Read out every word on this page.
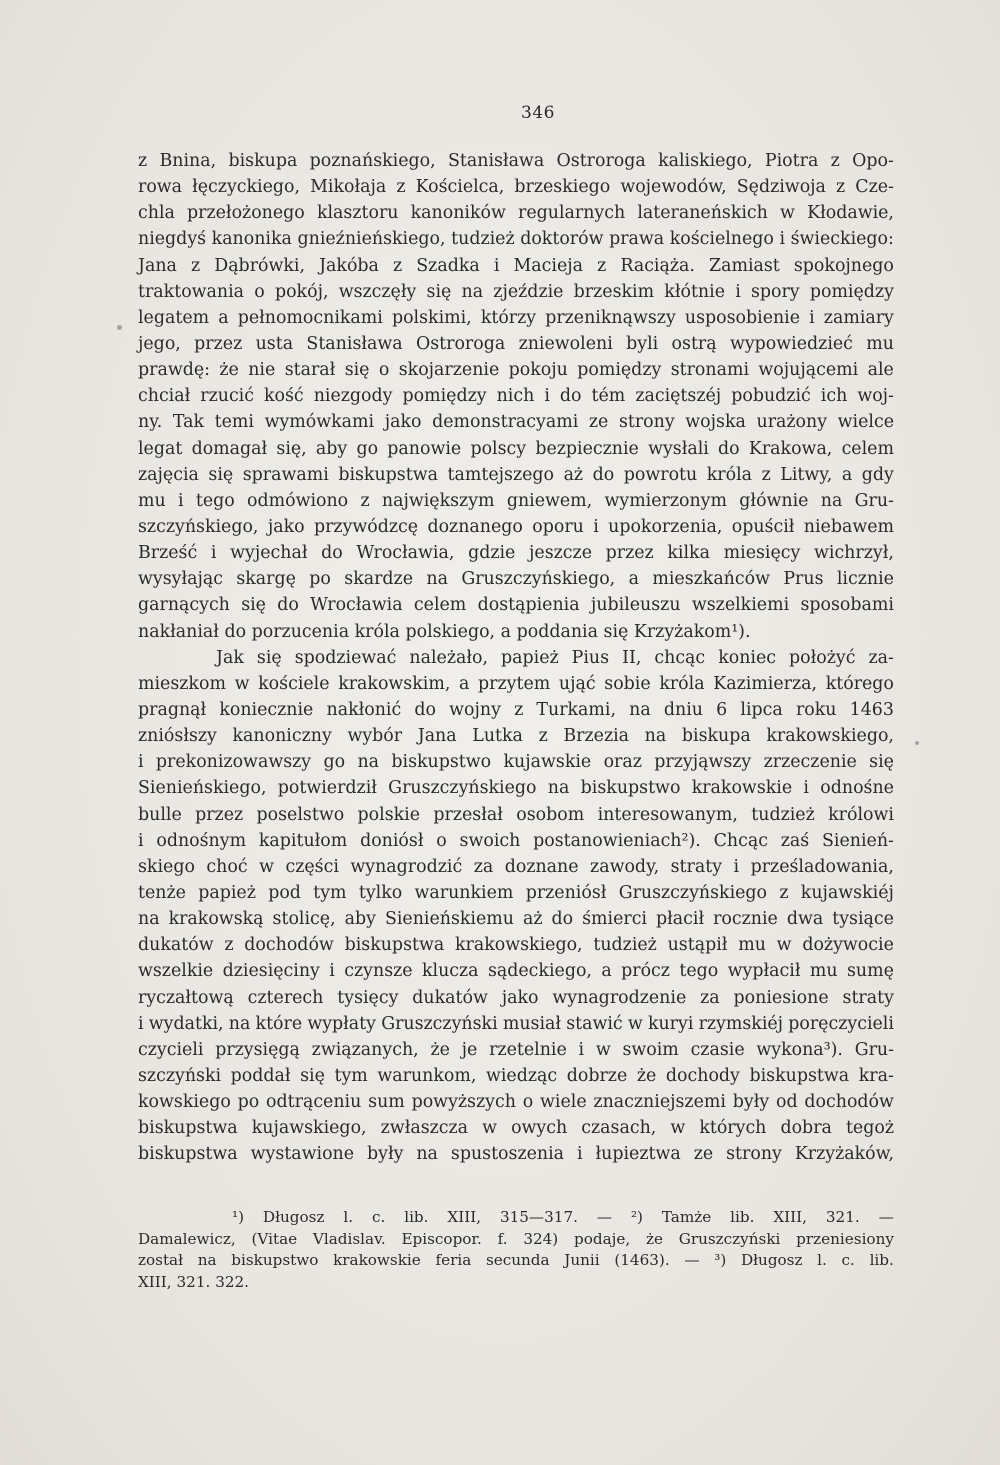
346
z Bnina, biskupa poznańskiego, Stanisława Ostroroga kaliskiego, Piotra z Opo-
rowa łęczyckiego, Mikołaja z Kościelca, brzeskiego wojewodów, Sędziwoja z Cze-
chla przełożonego klasztoru kanoników regularnych lateraneńskich w Kłodawie,
niegdyś kanonika gnieźnieńskiego, tudzież doktorów prawa kościelnego i świeckiego:
Jana z Dąbrówki, Jakóba z Szadka i Macieja z Raciąża. Zamiast spokojnego
traktowania o pokój, wszczęły się na zjeździe brzeskim kłótnie i spory pomiędzy
legatem a pełnomocnikami polskimi, którzy przeniknąwszy usposobienie i zamiary
jego, przez usta Stanisława Ostroroga zniewoleni byli ostrą wypowiedzieć mu
prawdę: że nie starał się o skojarzenie pokoju pomiędzy stronami wojującemi ale
chciał rzucić kość niezgody pomiędzy nich i do tém zaciętszéj pobudzić ich woj-
ny. Tak temi wymówkami jako demonstracyami ze strony wojska urażony wielce
legat domagał się, aby go panowie polscy bezpiecznie wysłali do Krakowa, celem
zajęcia się sprawami biskupstwa tamtejszego aż do powrotu króla z Litwy, a gdy
mu i tego odmówiono z największym gniewem, wymierzonym głównie na Gru-
szczyńskiego, jako przywódzcę doznanego oporu i upokorzenia, opuścił niebawem
Brześć i wyjechał do Wrocławia, gdzie jeszcze przez kilka miesięcy wichrzył,
wysyłając skargę po skardze na Gruszczyńskiego, a mieszkańców Prus licznie
garnących się do Wrocławia celem dostąpienia jubileuszu wszelkiemi sposobami
nakłaniał do porzucenia króla polskiego, a poddania się Krzyżakom¹).
Jak się spodziewać należało, papież Pius II, chcąc koniec położyć za-
mieszkom w kościele krakowskim, a przytem ująć sobie króla Kazimierza, którego
pragnął koniecznie nakłonić do wojny z Turkami, na dniu 6 lipca roku 1463
zniósłszy kanoniczny wybór Jana Lutka z Brzezia na biskupa krakowskiego,
i prekonizowawszy go na biskupstwo kujawskie oraz przyjąwszy zrzeczenie się
Sienieńskiego, potwierdził Gruszczyńskiego na biskupstwo krakowskie i odnośne
bulle przez poselstwo polskie przesłał osobom interesowanym, tudzież królowi
i odnośnym kapitułom doniósł o swoich postanowieniach²). Chcąc zaś Sienień-
skiego choć w części wynagrodzić za doznane zawody, straty i prześladowania,
tenże papież pod tym tylko warunkiem przeniósł Gruszczyńskiego z kujawskiéj
na krakowską stolicę, aby Sienieńskiemu aż do śmierci płacił rocznie dwa tysiące
dukatów z dochodów biskupstwa krakowskiego, tudzież ustąpił mu w dożywocie
wszelkie dziesięciny i czynsze klucza sądeckiego, a prócz tego wypłacił mu sumę
ryczałtową czterech tysięcy dukatów jako wynagrodzenie za poniesione straty
i wydatki, na które wypłaty Gruszczyński musiał stawić w kuryi rzymskiéj poręczycieli
czycieli przysięgą związanych, że je rzetelnie i w swoim czasie wykona³). Gru-
szczyński poddał się tym warunkom, wiedząc dobrze że dochody biskupstwa kra-
kowskiego po odtrąceniu sum powyższych o wiele znaczniejszemi były od dochodów
biskupstwa kujawskiego, zwłaszcza w owych czasach, w których dobra tegoż
biskupstwa wystawione były na spustoszenia i łupieztwa ze strony Krzyżaków,
¹) Długosz l. c. lib. XIII, 315—317. — ²) Tamże lib. XIII, 321. —
Damalewicz, (Vitae Vladislav. Episcopor. f. 324) podaje, że Gruszczyński przeniesiony
został na biskupstwo krakowskie feria secunda Junii (1463). — ³) Długosz l. c. lib.
XIII, 321. 322.
